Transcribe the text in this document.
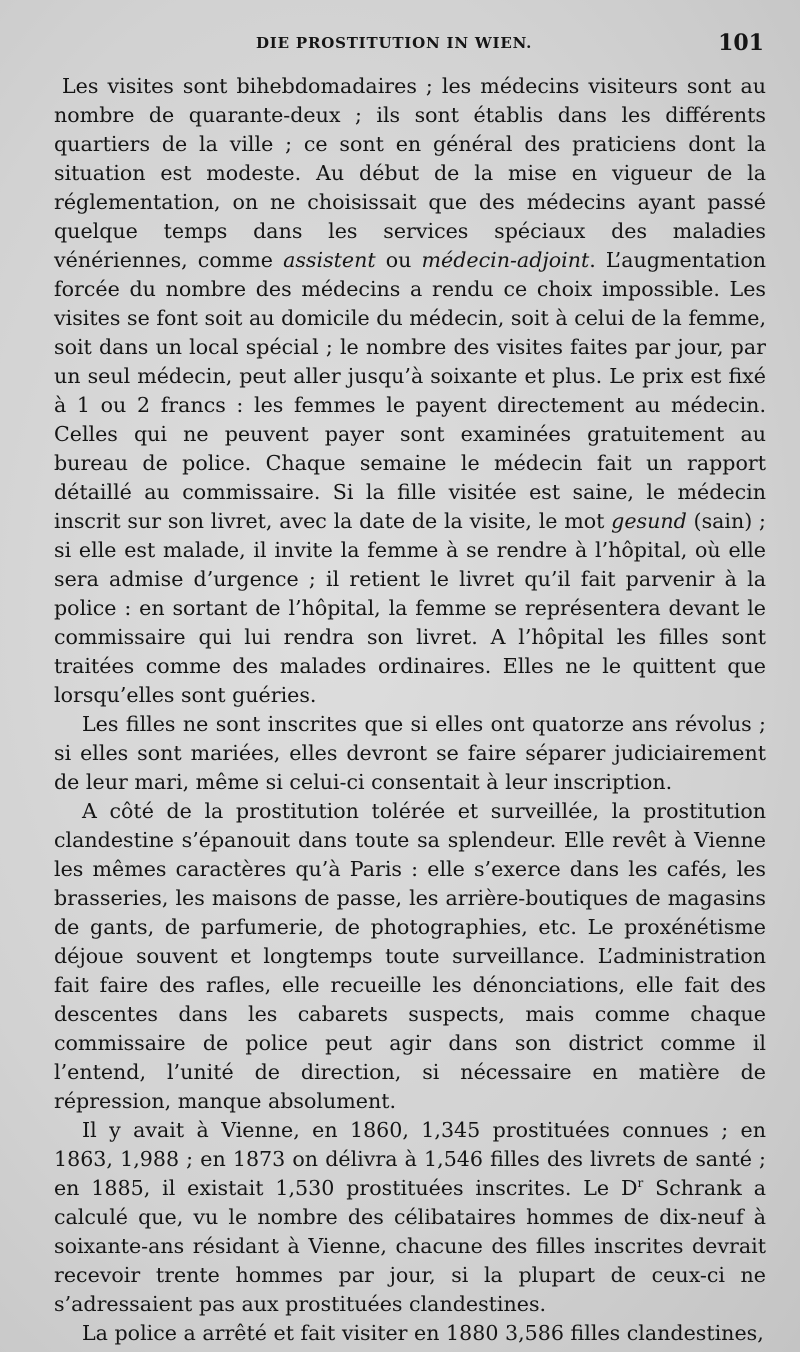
DIE PROSTITUTION IN WIEN.	101

Les visites sont bihebdomadaires ; les médecins visiteurs sont au nombre de quarante-deux ; ils sont établis dans les différents quartiers de la ville ; ce sont en général des praticiens dont la situation est modeste. Au début de la mise en vigueur de la réglementation, on ne choisissait que des médecins ayant passé quelque temps dans les services spéciaux des maladies vénériennes, comme assistent ou médecin-adjoint. L’augmentation forcée du nombre des médecins a rendu ce choix impossible. Les visites se font soit au domicile du médecin, soit à celui de la femme, soit dans un local spécial ; le nombre des visites faites par jour, par un seul médecin, peut aller jusqu’à soixante et plus. Le prix est fixé à 1 ou 2 francs : les femmes le payent directement au médecin. Celles qui ne peuvent payer sont examinées gratuitement au bureau de police. Chaque semaine le médecin fait un rapport détaillé au commissaire. Si la fille visitée est saine, le médecin inscrit sur son livret, avec la date de la visite, le mot gesund (sain) ; si elle est malade, il invite la femme à se rendre à l’hôpital, où elle sera admise d’urgence ; il retient le livret qu’il fait parvenir à la police : en sortant de l’hôpital, la femme se représentera devant le commissaire qui lui rendra son livret. A l’hôpital les filles sont traitées comme des malades ordinaires. Elles ne le quittent que lorsqu’elles sont guéries.

Les filles ne sont inscrites que si elles ont quatorze ans révolus ; si elles sont mariées, elles devront se faire séparer judiciairement de leur mari, même si celui-ci consentait à leur inscription.

A côté de la prostitution tolérée et surveillée, la prostitution clandestine s’épanouit dans toute sa splendeur. Elle revêt à Vienne les mêmes caractères qu’à Paris : elle s’exerce dans les cafés, les brasseries, les maisons de passe, les arrière-boutiques de magasins de gants, de parfumerie, de photographies, etc. Le proxénétisme déjoue souvent et longtemps toute surveillance. L’administration fait faire des rafles, elle recueille les dénonciations, elle fait des descentes dans les cabarets suspects, mais comme chaque commissaire de police peut agir dans son district comme il l’entend, l’unité de direction, si nécessaire en matière de répression, manque absolument.

Il y avait à Vienne, en 1860, 1,345 prostituées connues ; en 1863, 1,988 ; en 1873 on délivra à 1,546 filles des livrets de santé ; en 1885, il existait 1,530 prostituées inscrites. Le $D^r$ Schrank a calculé que, vu le nombre des célibataires hommes de dix-neuf à soixante-ans résidant à Vienne, chacune des filles inscrites devrait recevoir trente hommes par jour, si la plupart de ceux-ci ne s’adressaient pas aux prostituées clandestines.

La police a arrêté et fait visiter en 1880 3,586 filles clandestines,
